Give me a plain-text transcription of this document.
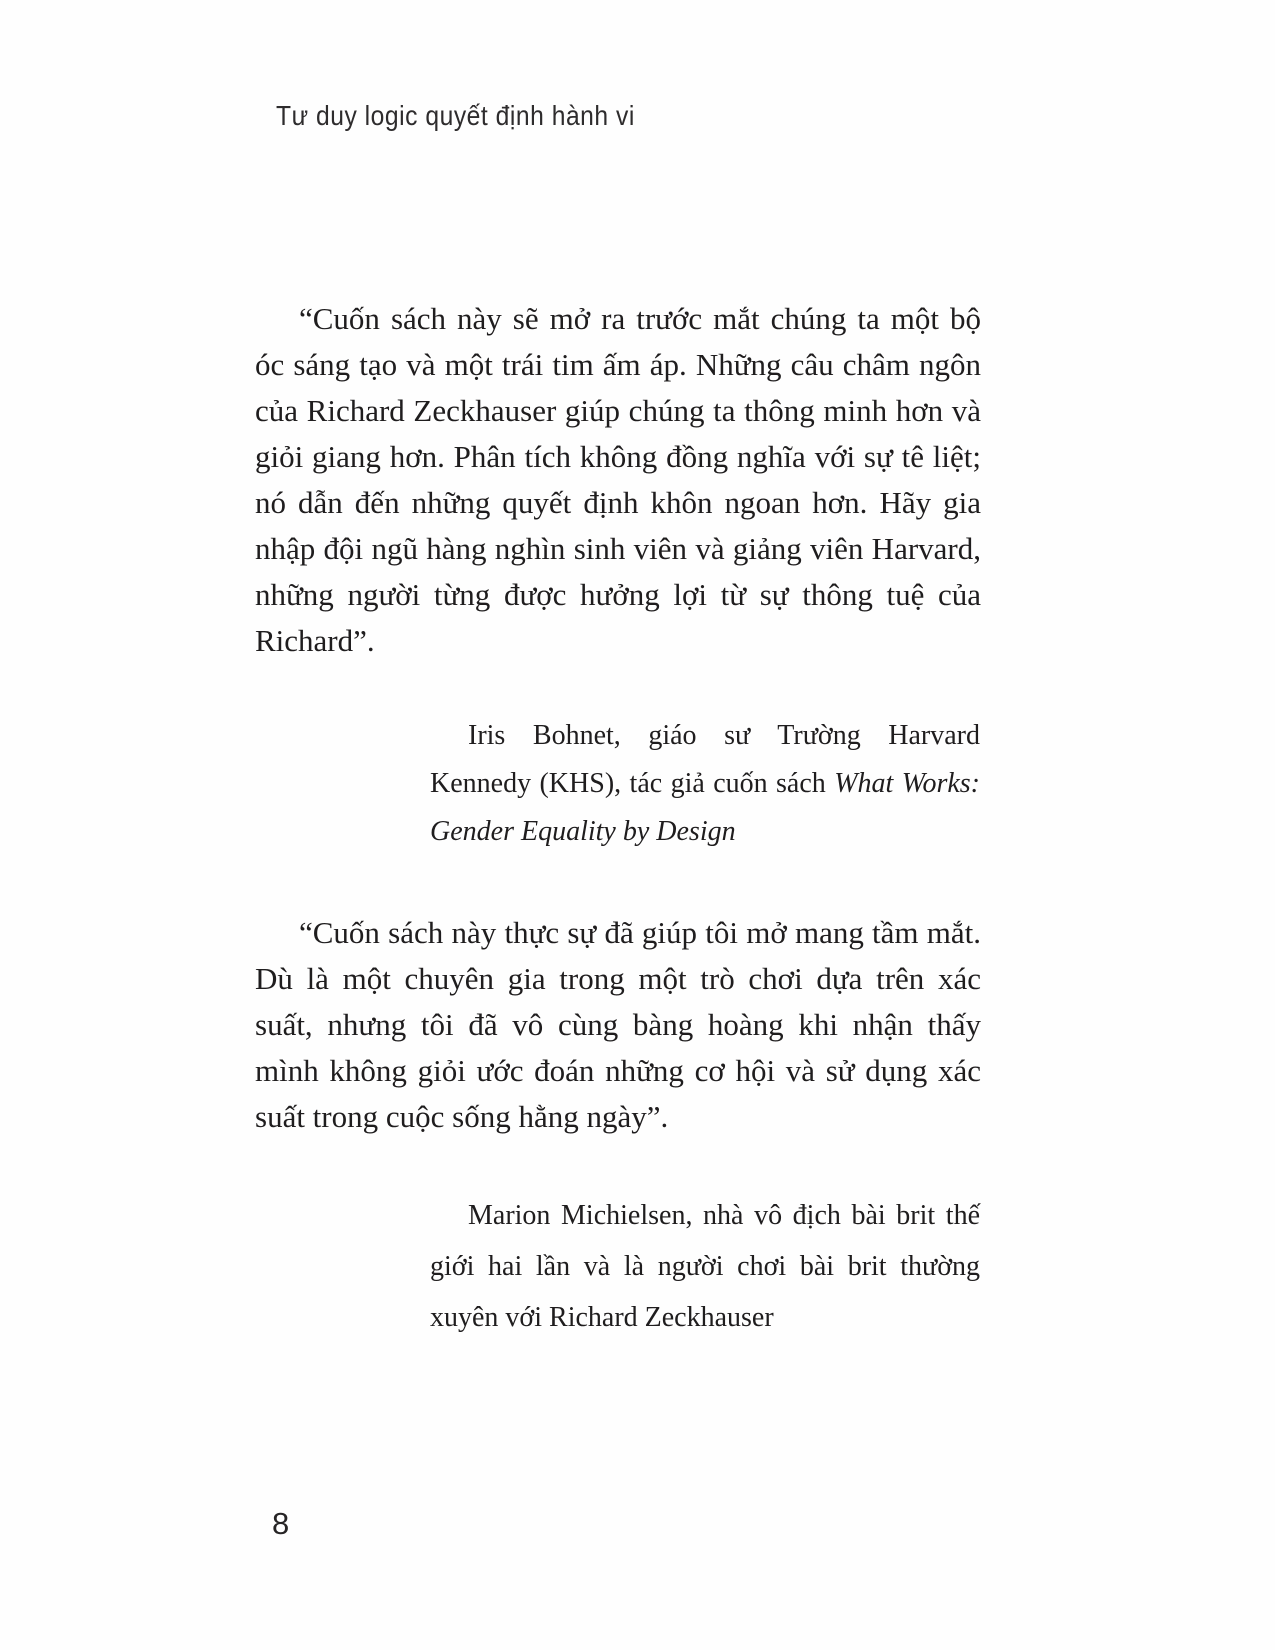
Tư duy logic quyết định hành vi

“Cuốn sách này sẽ mở ra trước mắt chúng ta một bộ óc sáng tạo và một trái tim ấm áp. Những câu châm ngôn của Richard Zeckhauser giúp chúng ta thông minh hơn và giỏi giang hơn. Phân tích không đồng nghĩa với sự tê liệt; nó dẫn đến những quyết định khôn ngoan hơn. Hãy gia nhập đội ngũ hàng nghìn sinh viên và giảng viên Harvard, những người từng được hưởng lợi từ sự thông tuệ của Richard”.

Iris Bohnet, giáo sư Trường Harvard Kennedy (KHS), tác giả cuốn sách What Works: Gender Equality by Design

“Cuốn sách này thực sự đã giúp tôi mở mang tầm mắt. Dù là một chuyên gia trong một trò chơi dựa trên xác suất, nhưng tôi đã vô cùng bàng hoàng khi nhận thấy mình không giỏi ước đoán những cơ hội và sử dụng xác suất trong cuộc sống hằng ngày”.

Marion Michielsen, nhà vô địch bài brit thế giới hai lần và là người chơi bài brit thường xuyên với Richard Zeckhauser
8
